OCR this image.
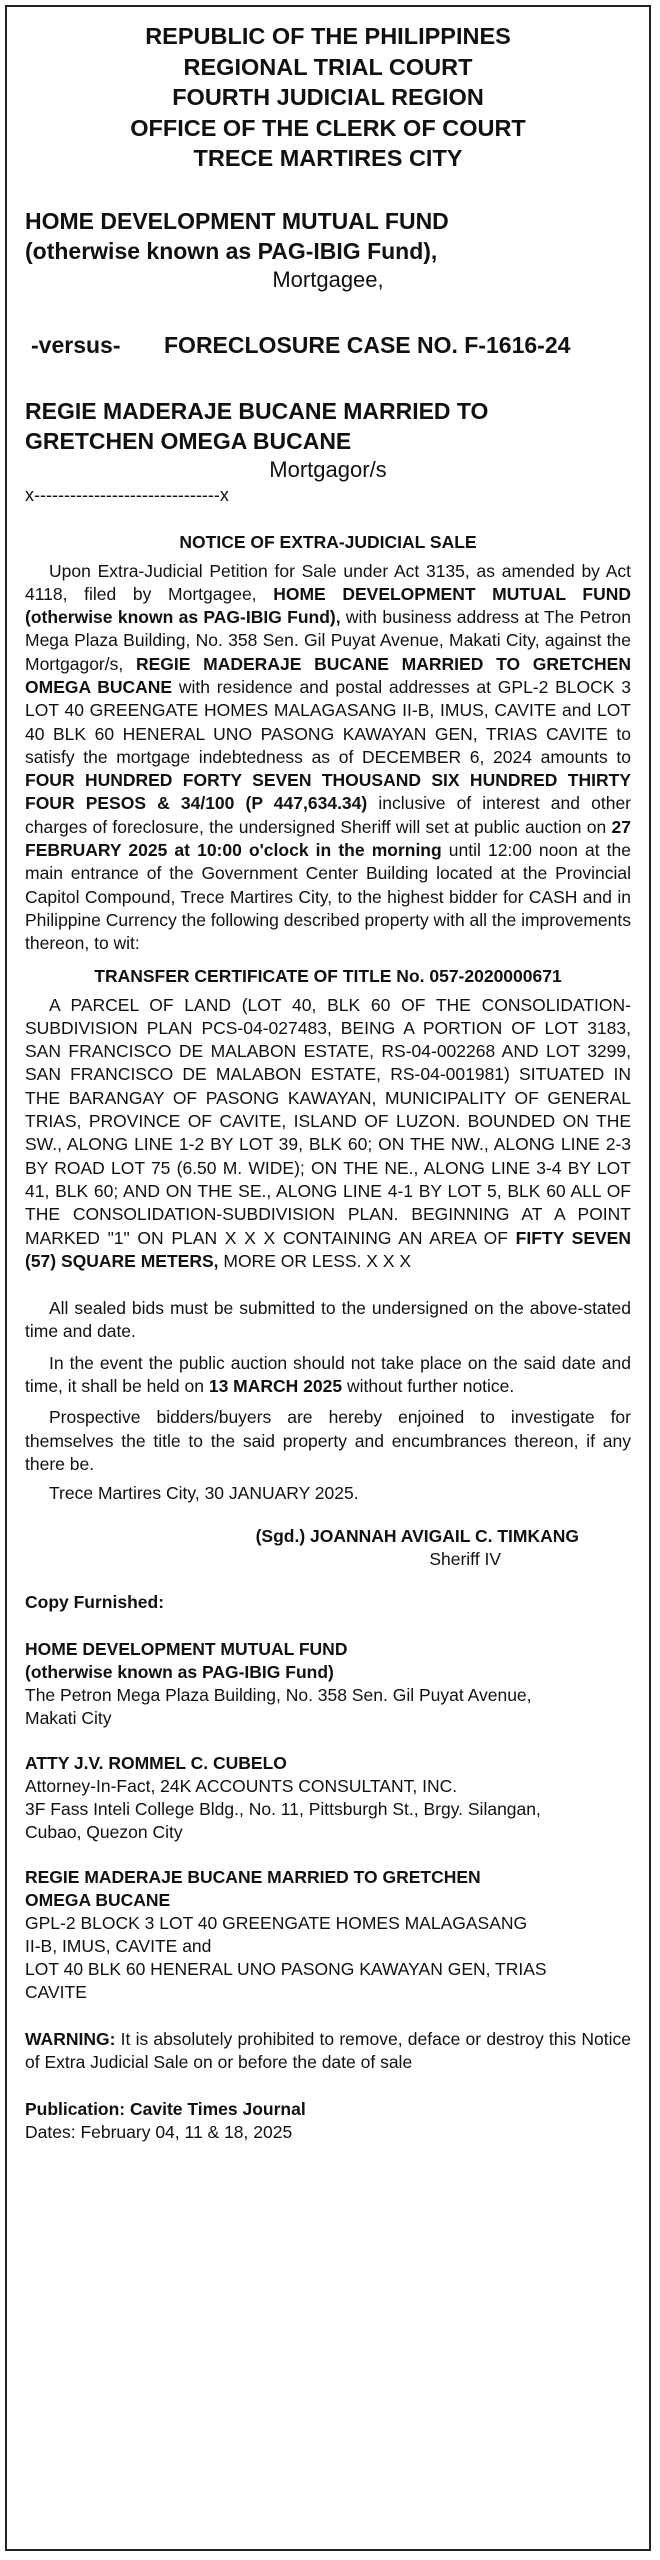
REPUBLIC OF THE PHILIPPINES
REGIONAL TRIAL COURT
FOURTH JUDICIAL REGION
OFFICE OF THE CLERK OF COURT
TRECE MARTIRES CITY
HOME DEVELOPMENT MUTUAL FUND
(otherwise known as PAG-IBIG Fund),
Mortgagee,
-versus-	FORECLOSURE CASE NO. F-1616-24
REGIE MADERAJE BUCANE MARRIED TO
GRETCHEN OMEGA BUCANE
Mortgagor/s
x-------------------------------x
NOTICE OF EXTRA-JUDICIAL SALE

Upon Extra-Judicial Petition for Sale under Act 3135, as amended by Act 4118, filed by Mortgagee, HOME DEVELOPMENT MUTUAL FUND (otherwise known as PAG-IBIG Fund), with business address at The Petron Mega Plaza Building, No. 358 Sen. Gil Puyat Avenue, Makati City, against the Mortgagor/s, REGIE MADERAJE BUCANE MARRIED TO GRETCHEN OMEGA BUCANE with residence and postal addresses at GPL-2 BLOCK 3 LOT 40 GREENGATE HOMES MALAGASANG II-B, IMUS, CAVITE and LOT 40 BLK 60 HENERAL UNO PASONG KAWAYAN GEN, TRIAS CAVITE to satisfy the mortgage indebtedness as of DECEMBER 6, 2024 amounts to FOUR HUNDRED FORTY SEVEN THOUSAND SIX HUNDRED THIRTY FOUR PESOS & 34/100 (P 447,634.34) inclusive of interest and other charges of foreclosure, the undersigned Sheriff will set at public auction on 27 FEBRUARY 2025 at 10:00 o'clock in the morning until 12:00 noon at the main entrance of the Government Center Building located at the Provincial Capitol Compound, Trece Martires City, to the highest bidder for CASH and in Philippine Currency the following described property with all the improvements thereon, to wit:

TRANSFER CERTIFICATE OF TITLE No. 057-2020000671

A PARCEL OF LAND (LOT 40, BLK 60 OF THE CONSOLIDATION-SUBDIVISION PLAN PCS-04-027483, BEING A PORTION OF LOT 3183, SAN FRANCISCO DE MALABON ESTATE, RS-04-002268 AND LOT 3299, SAN FRANCISCO DE MALABON ESTATE, RS-04-001981) SITUATED IN THE BARANGAY OF PASONG KAWAYAN, MUNICIPALITY OF GENERAL TRIAS, PROVINCE OF CAVITE, ISLAND OF LUZON. BOUNDED ON THE SW., ALONG LINE 1-2 BY LOT 39, BLK 60; ON THE NW., ALONG LINE 2-3 BY ROAD LOT 75 (6.50 M. WIDE); ON THE NE., ALONG LINE 3-4 BY LOT 41, BLK 60; AND ON THE SE., ALONG LINE 4-1 BY LOT 5, BLK 60 ALL OF THE CONSOLIDATION-SUBDIVISION PLAN. BEGINNING AT A POINT MARKED "1" ON PLAN X X X CONTAINING AN AREA OF FIFTY SEVEN (57) SQUARE METERS, MORE OR LESS. X X X

All sealed bids must be submitted to the undersigned on the above-stated time and date.

In the event the public auction should not take place on the said date and time, it shall be held on 13 MARCH 2025 without further notice.

Prospective bidders/buyers are hereby enjoined to investigate for themselves the title to the said property and encumbrances thereon, if any there be.

Trece Martires City, 30 JANUARY 2025.

(Sgd.) JOANNAH AVIGAIL C. TIMKANG
Sheriff IV
Copy Furnished:
HOME DEVELOPMENT MUTUAL FUND
(otherwise known as PAG-IBIG Fund)
The Petron Mega Plaza Building, No. 358 Sen. Gil Puyat Avenue,
Makati City
ATTY J.V. ROMMEL C. CUBELO
Attorney-In-Fact, 24K ACCOUNTS CONSULTANT, INC.
3F Fass Inteli College Bldg., No. 11, Pittsburgh St., Brgy. Silangan,
Cubao, Quezon City
REGIE MADERAJE BUCANE MARRIED TO GRETCHEN
OMEGA BUCANE
GPL-2 BLOCK 3 LOT 40 GREENGATE HOMES MALAGASANG
II-B, IMUS, CAVITE and
LOT 40 BLK 60 HENERAL UNO PASONG KAWAYAN GEN, TRIAS
CAVITE
WARNING: It is absolutely prohibited to remove, deface or destroy this Notice of Extra Judicial Sale on or before the date of sale
Publication: Cavite Times Journal
Dates: February 04, 11 & 18, 2025
